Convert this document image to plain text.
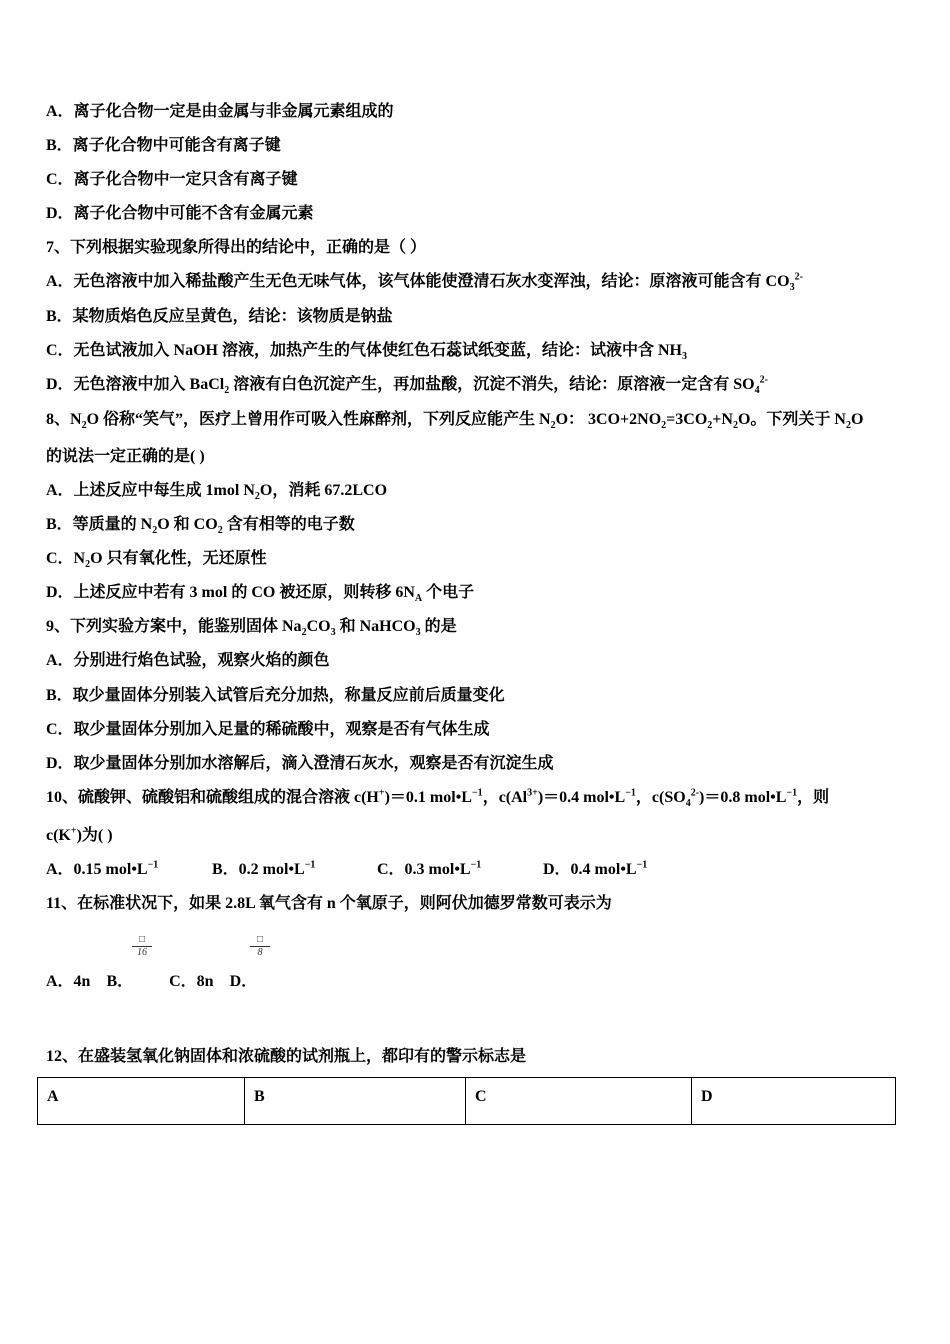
A．离子化合物一定是由金属与非金属元素组成的
B．离子化合物中可能含有离子键
C．离子化合物中一定只含有离子键
D．离子化合物中可能不含有金属元素
7、下列根据实验现象所得出的结论中，正确的是（ ）
A．无色溶液中加入稀盐酸产生无色无味气体，该气体能使澄清石灰水变浑浊，结论：原溶液可能含有 $CO_3^{2-}$
B．某物质焰色反应呈黄色，结论：该物质是钠盐
C．无色试液加入 NaOH 溶液，加热产生的气体使红色石蕊试纸变蓝，结论：试液中含 $NH_3$
D．无色溶液中加入 BaCl$_2$ 溶液有白色沉淀产生，再加盐酸，沉淀不消失，结论：原溶液一定含有 $SO_4^{2-}$
8、$N_2O$ 俗称“笑气”，医疗上曾用作可吸入性麻醉剂，下列反应能产生 $N_2O$： $3CO+2NO_2=3CO_2+N_2O$。下列关于 $N_2O$
的说法一定正确的是( )
A．上述反应中每生成 1mol $N_2O$，消耗 67.2LCO
B．等质量的 $N_2O$ 和 $CO_2$ 含有相等的电子数
C．$N_2O$ 只有氧化性，无还原性
D．上述反应中若有 3 mol 的 CO 被还原，则转移 $6N_A$ 个电子
9、下列实验方案中，能鉴别固体 $Na_2CO_3$ 和 NaHCO$_3$ 的是
A．分别进行焰色试验，观察火焰的颜色
B．取少量固体分别装入试管后充分加热，称量反应前后质量变化
C．取少量固体分别加入足量的稀硫酸中，观察是否有气体生成
D．取少量固体分别加水溶解后，滴入澄清石灰水，观察是否有沉淀生成
10、硫酸钾、硫酸铝和硫酸组成的混合溶液 c(H+)＝0.1 $mol•L^{-1}$，$c(Al^{3+})=0.4$ $mol•L^{-1}$，$c(SO_4^{2-})=0.8$ $mol•L^{-1}$，则
c(K+)为( )
A．0.15 $mol•L^{-1}$	B．0.2 $mol•L^{-1}$	C．0.3 $mol•L^{-1}$	D．0.4 $mol•L^{-1}$
11、在标准状况下，如果 2.8L 氧气含有 n 个氧原子，则阿伏加德罗常数可表示为
□
16
□
8
A．4n    B．         C．8n    D．
12、在盛装氢氧化钠固体和浓硫酸的试剂瓶上，都印有的警示标志是
A	B	C	D
